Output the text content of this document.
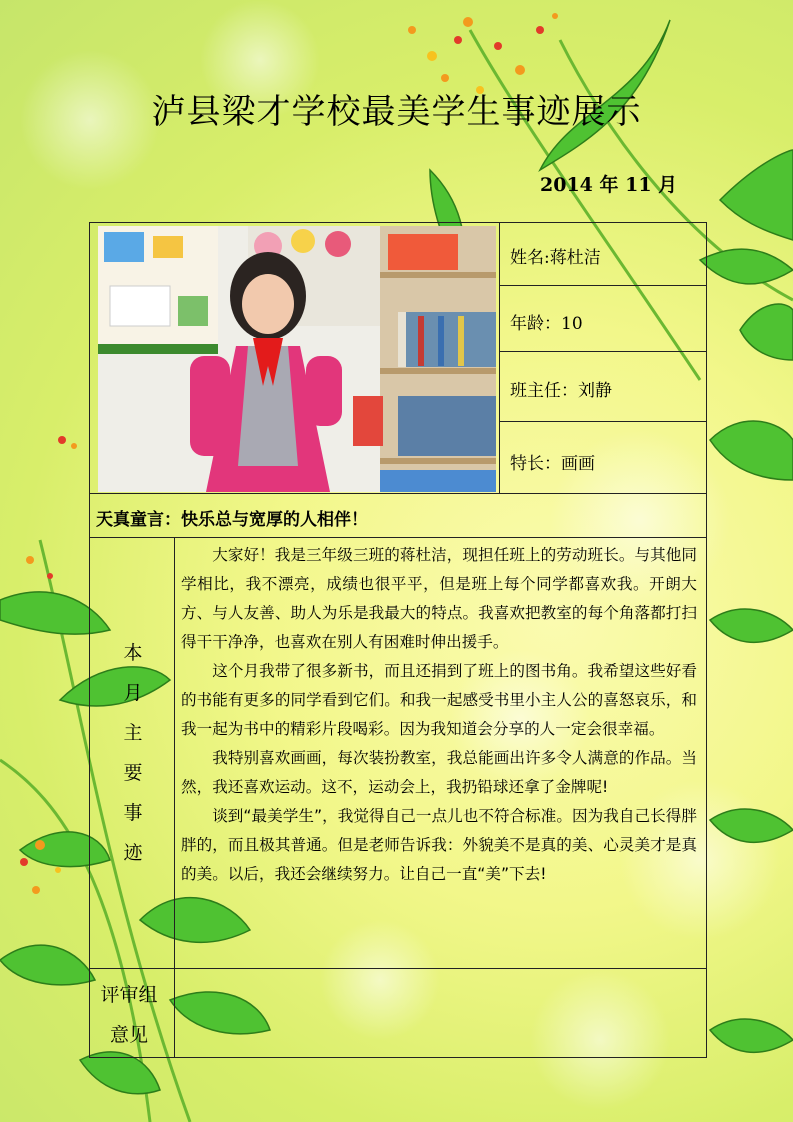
泸县梁才学校最美学生事迹展示
2014 年 11 月
姓名:蒋杜洁
年龄：10
班主任：刘静
特长：画画
天真童言：快乐总与宽厚的人相伴！
本
月
主
要
事
迹

大家好！我是三年级三班的蒋杜洁，现担任班上的劳动班长。与其他同学相比，我不漂亮，成绩也很平平，但是班上每个同学都喜欢我。开朗大方、与人友善、助人为乐是我最大的特点。我喜欢把教室的每个角落都打扫得干干净净，也喜欢在别人有困难时伸出援手。

这个月我带了很多新书，而且还捐到了班上的图书角。我希望这些好看的书能有更多的同学看到它们。和我一起感受书里小主人公的喜怒哀乐，和我一起为书中的精彩片段喝彩。因为我知道会分享的人一定会很幸福。

我特别喜欢画画，每次装扮教室，我总能画出许多令人满意的作品。当然，我还喜欢运动。这不，运动会上，我扔铅球还拿了金牌呢!

谈到“最美学生”，我觉得自己一点儿也不符合标准。因为我自己长得胖胖的，而且极其普通。但是老师告诉我：外貌美不是真的美、心灵美才是真的美。以后，我还会继续努力。让自己一直“美”下去!

评审组
意见
